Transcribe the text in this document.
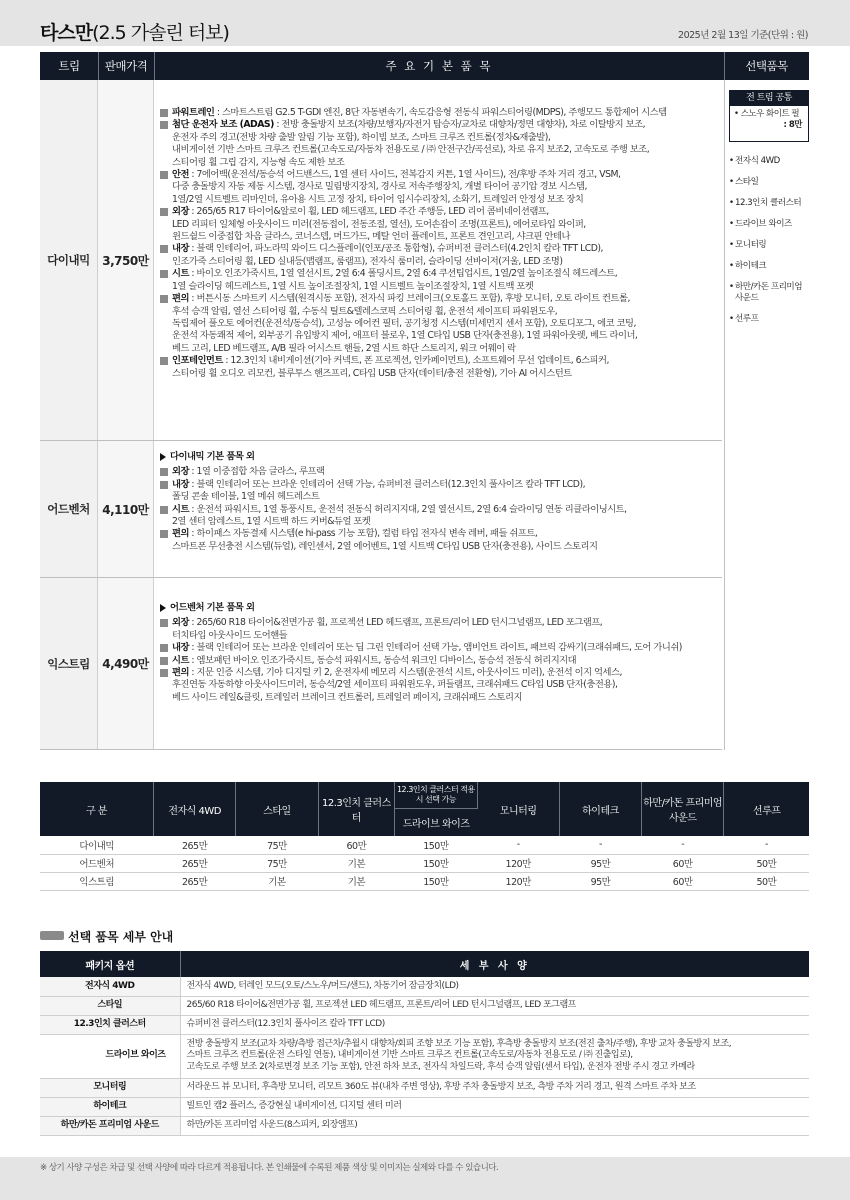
타스만(2.5 가솔린 터보)	2025년 2월 13일 기준(단위 : 원)
트림	판매가격	주 요 기 본 품 목	선택품목
다이내믹	3,750만
파워트레인 : 스마트스트림 G2.5 T-GDI 엔진, 8단 자동변속기, 속도감응형 전동식 파워스티어링(MDPS), 주행모드 통합제어 시스템
첨단 운전자 보조 (ADAS) : 전방 충돌방지 보조(차량/보행자/자전거 탑승자/교차로 대향차/정면 대향차), 차로 이탈방지 보조,
운전자 주의 경고(전방 차량 출발 알림 기능 포함), 하이빔 보조, 스마트 크루즈 컨트롤(정차&재출발),
내비게이션 기반 스마트 크루즈 컨트롤(고속도로/자동차 전용도로 / ㈜ 안전구간/곡선로), 차로 유지 보조2, 고속도로 주행 보조,
스티어링 휠 그립 감지, 지능형 속도 제한 보조
안전 : 7에어백(운전석/동승석 어드밴스드, 1열 센터 사이드, 전복감지 커튼, 1열 사이드), 전/후방 주차 거리 경고, VSM,
다중 충돌방지 자동 제동 시스템, 경사로 밀림방지장치, 경사로 저속주행장치, 개별 타이어 공기압 경보 시스템,
1열/2열 시트벨트 리마인더, 유아용 시트 고정 장치, 타이어 임시수리장치, 소화기, 트레일러 안정성 보조 장치
외장 : 265/65 R17 타이어&알로이 휠, LED 헤드램프, LED 주간 주행등, LED 리어 콤비네이션램프,
LED 리피터 일체형 아웃사이드 미러(전동접이, 전동조절, 열선), 도어손잡이 조명(프론트), 에어로타입 와이퍼,
윈드쉴드 이중접합 차음 글라스, 코너스텝, 머드가드, 메탈 언더 플레이트, 프론트 견인고리, 샤크핀 안테나
내장 : 블랙 인테리어, 파노라믹 와이드 디스플레이(인포/공조 통합형), 슈퍼비전 클러스터(4.2인치 칼라 TFT LCD),
인조가죽 스티어링 휠, LED 실내등(맵램프, 룸램프), 전자식 룸미러, 슬라이딩 선바이저(거울, LED 조명)
시트 : 바이오 인조가죽시트, 1열 열선시트, 2열 6:4 폴딩시트, 2열 6:4 쿠션팁업시트, 1열/2열 높이조절식 헤드레스트,
1열 슬라이딩 헤드레스트, 1열 시트 높이조절장치, 1열 시트벨트 높이조절장치, 1열 시트백 포켓
편의 : 버튼시동 스마트키 시스템(원격시동 포함), 전자식 파킹 브레이크(오토홀드 포함), 후방 모니터, 오토 라이트 컨트롤,
후석 승객 알림, 열선 스티어링 휠, 수동식 틸트&텔레스코픽 스티어링 휠, 운전석 세이프티 파워윈도우,
독립제어 풀오토 에어컨(운전석/동승석), 고성능 에어컨 필터, 공기청정 시스템(미세먼지 센서 포함), 오토디포그, 에코 코팅,
운전석 자동쾌적 제어, 외부공기 유입방지 제어, 애프터 블로우, 1열 C타입 USB 단자(충전용), 1열 파워아웃렛, 베드 라이너,
베드 고리, LED 베드램프, A/B 필라 어시스트 핸들, 2열 시트 하단 스토리지, 워크 어웨이 락
인포테인먼트 : 12.3인치 내비게이션(기아 커넥트, 폰 프로젝션, 인카페이먼트), 소프트웨어 무선 업데이트, 6스피커,
스티어링 휠 오디오 리모컨, 블루투스 핸즈프리, C타입 USB 단자(데이터/충전 전환형), 기아 AI 어시스턴트
어드벤처	4,110만
다이내믹 기본 품목 외
외장 : 1열 이중접합 차음 글라스, 루프랙
내장 : 블랙 인테리어 또는 브라운 인테리어 선택 가능, 슈퍼비전 클러스터(12.3인치 풀사이즈 칼라 TFT LCD),
폴딩 콘솔 테이블, 1열 메쉬 헤드레스트
시트 : 운전석 파워시트, 1열 통풍시트, 운전석 전동식 허리지지대, 2열 열선시트, 2열 6:4 슬라이딩 연동 리클라이닝시트,
2열 센터 암레스트, 1열 시트백 하드 커버&듀얼 포켓
편의 : 하이패스 자동결제 시스템(e hi-pass 기능 포함), 컬럼 타입 전자식 변속 레버, 패들 쉬프트,
스마트폰 무선충전 시스템(듀얼), 레인센서, 2열 에어벤트, 1열 시트백 C타입 USB 단자(충전용), 사이드 스토리지
익스트림	4,490만
어드벤처 기본 품목 외
외장 : 265/60 R18 타이어&전면가공 휠, 프로젝션 LED 헤드램프, 프론트/리어 LED 턴시그널램프, LED 포그램프,
터치타입 아웃사이드 도어핸들
내장 : 블랙 인테리어 또는 브라운 인테리어 또는 딥 그린 인테리어 선택 가능, 앰비언트 라이트, 패브릭 감싸기(크래쉬패드, 도어 가니쉬)
시트 : 엠보패턴 바이오 인조가죽시트, 동승석 파워시트, 동승석 워크인 디바이스, 동승석 전동식 허리지지대
편의 : 지문 인증 시스템, 기아 디지털 키 2, 운전자세 메모리 시스템(운전석 시트, 아웃사이드 미러), 운전석 이지 억세스,
후진연동 자동하향 아웃사이드미러, 동승석/2열 세이프티 파워윈도우, 퍼들램프, 크래쉬패드 C타입 USB 단자(충전용),
베드 사이드 레일&클릿, 트레일러 브레이크 컨트롤러, 트레일러 페이지, 크래쉬패드 스토리지
전 트림 공통
• 스노우 화이트 펄
: 8만
• 전자식 4WD
• 스타일
• 12.3인치 클러스터
• 드라이브 와이즈
• 모니터링
• 하이테크
• 하만/카돈 프리미엄 사운드
• 선루프
구 분	전자식 4WD	스타일	12.3인치 클러스터	12.3인치 클러스터 적용 시 선택 가능	모니터링	하이테크	하만/카돈 프리미엄 사운드	선루프
				드라이브 와이즈				
다이내믹	265만	75만	60만	150만	-	-	-	-
어드벤처	265만	75만	기본	150만	120만	95만	60만	50만
익스트림	265만	기본	기본	150만	120만	95만	60만	50만
선택 품목 세부 안내
패키지 옵션	세 부 사 양
전자식 4WD	전자식 4WD, 터레인 모드(오토/스노우/머드/샌드), 차동기어 잠금장치(LD)

스타일	265/60 R18 타이어&전면가공 휠, 프로젝션 LED 헤드램프, 프론트/리어 LED 턴시그널램프, LED 포그램프

12.3인치 클러스터	슈퍼비전 클러스터(12.3인치 풀사이즈 칼라 TFT LCD)

드라이브 와이즈	전방 충돌방지 보조(교차 차량/측방 접근차/추월시 대향차/회피 조향 보조 기능 포함), 후측방 충돌방지 보조(전진 출차/주행), 후방 교차 충돌방지 보조,
스마트 크루즈 컨트롤(운전 스타일 연동), 내비게이션 기반 스마트 크루즈 컨트롤(고속도로/자동차 전용도로 / ㈜ 진출입로),
고속도로 주행 보조 2(차로변경 보조 기능 포함), 안전 하차 보조, 전자식 차일드락, 후석 승객 알림(센서 타입), 운전자 전방 주시 경고 카메라

모니터링	서라운드 뷰 모니터, 후측방 모니터, 리모트 360도 뷰(내차 주변 영상), 후방 주차 충돌방지 보조, 측방 주차 거리 경고, 원격 스마트 주차 보조

하이테크	빌트인 캠2 플러스, 증강현실 내비게이션, 디지털 센터 미러

하만/카돈 프리미엄 사운드	하만/카돈 프리미엄 사운드(8스피커, 외장앰프)
※ 상기 사양 구성은 차급 및 선택 사양에 따라 다르게 적용됩니다. 본 인쇄물에 수록된 제품 색상 및 이미지는 실제와 다를 수 있습니다.
